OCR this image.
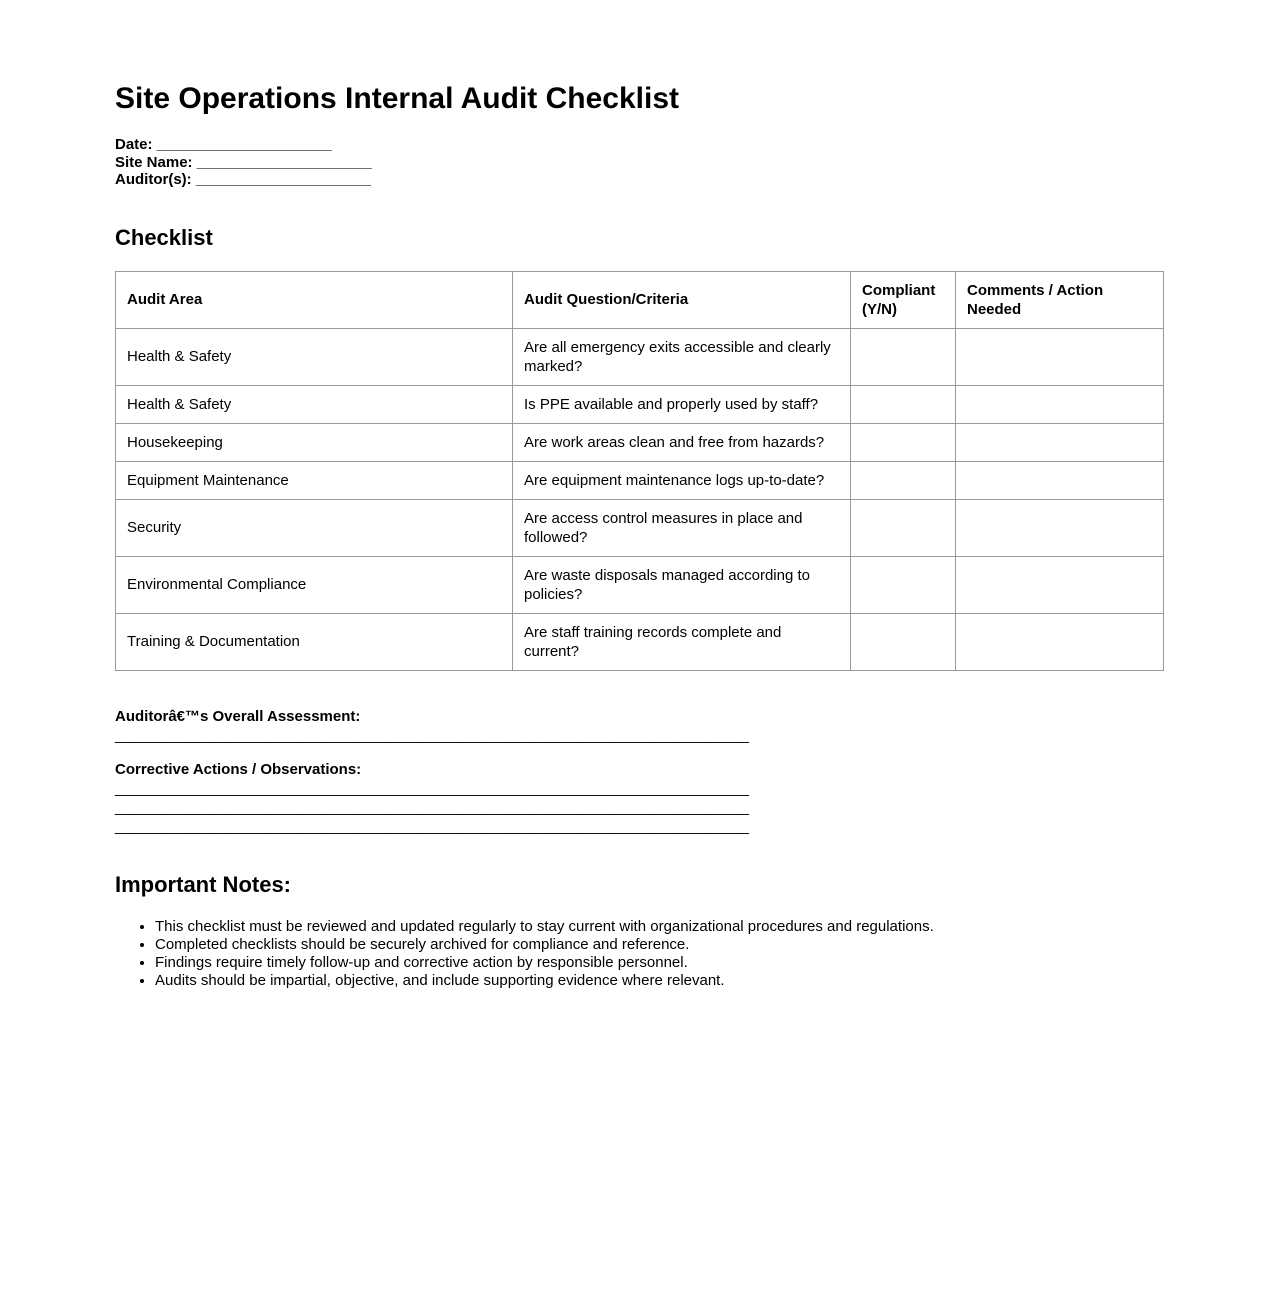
Site Operations Internal Audit Checklist

Date: _____________________
Site Name: _____________________
Auditor(s): _____________________

Checklist
Audit Area	Audit Question/Criteria	Compliant (Y/N)	Comments / Action Needed
Health & Safety	Are all emergency exits accessible and clearly marked?		
Health & Safety	Is PPE available and properly used by staff?		
Housekeeping	Are work areas clean and free from hazards?		
Equipment Maintenance	Are equipment maintenance logs up-to-date?		
Security	Are access control measures in place and followed?		
Environmental Compliance	Are waste disposals managed according to policies?		
Training & Documentation	Are staff training records complete and current?		

Auditorâ€™s Overall Assessment:
____________________________________________________________________________

Corrective Actions / Observations:
____________________________________________________________________________
____________________________________________________________________________
____________________________________________________________________________

Important Notes:
• This checklist must be reviewed and updated regularly to stay current with organizational procedures and regulations.
• Completed checklists should be securely archived for compliance and reference.
• Findings require timely follow-up and corrective action by responsible personnel.
• Audits should be impartial, objective, and include supporting evidence where relevant.
